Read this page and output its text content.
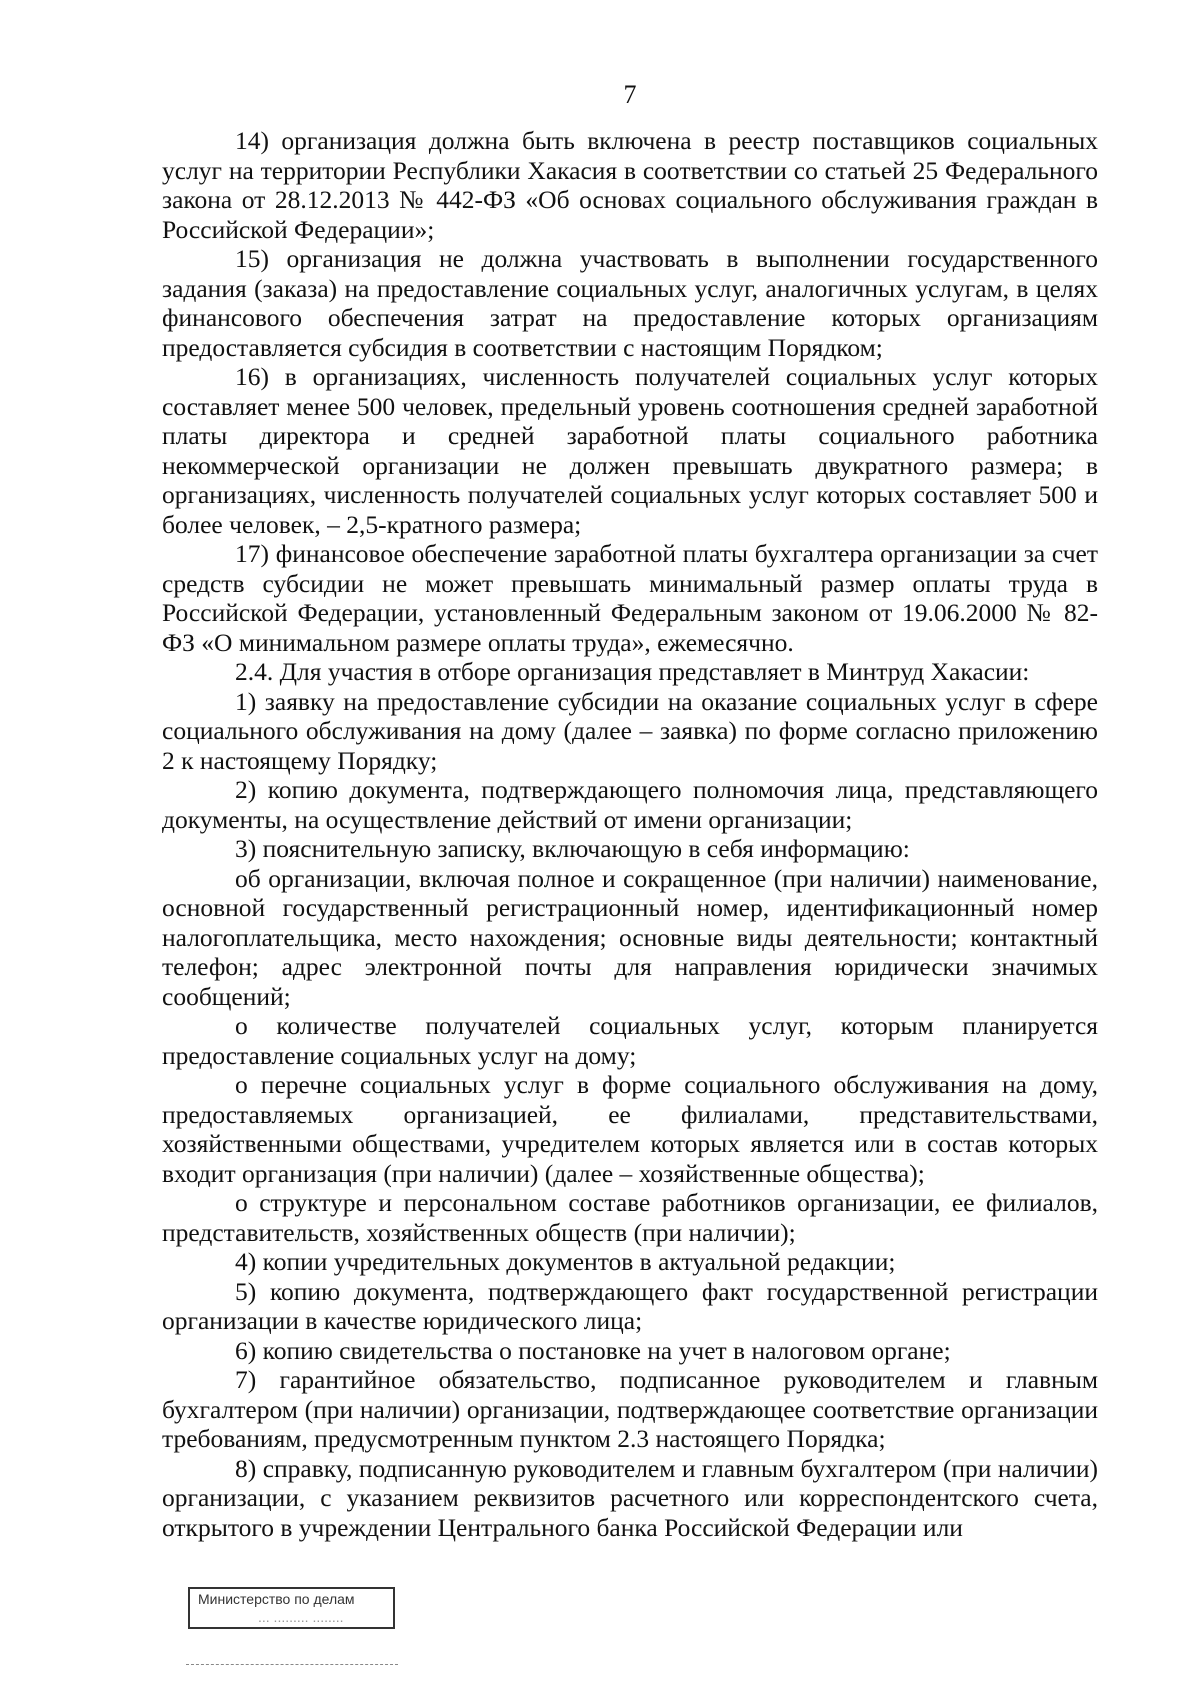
7

14) организация должна быть включена в реестр поставщиков социальных услуг на территории Республики Хакасия в соответствии со статьей 25 Федерального закона от 28.12.2013 № 442-ФЗ «Об основах социального обслуживания граждан в Российской Федерации»;

15) организация не должна участвовать в выполнении государственного задания (заказа) на предоставление социальных услуг, аналогичных услугам, в целях финансового обеспечения затрат на предоставление которых организациям предоставляется субсидия в соответствии с настоящим Порядком;

16) в организациях, численность получателей социальных услуг которых составляет менее 500 человек, предельный уровень соотношения средней заработной платы директора и средней заработной платы социального работника некоммерческой организации не должен превышать двукратного размера; в организациях, численность получателей социальных услуг которых составляет 500 и более человек, – 2,5-кратного размера;

17) финансовое обеспечение заработной платы бухгалтера организации за счет средств субсидии не может превышать минимальный размер оплаты труда в Российской Федерации, установленный Федеральным законом от 19.06.2000 № 82-ФЗ «О минимальном размере оплаты труда», ежемесячно.

2.4. Для участия в отборе организация представляет в Минтруд Хакасии:

1) заявку на предоставление субсидии на оказание социальных услуг в сфере социального обслуживания на дому (далее – заявка) по форме согласно приложению 2 к настоящему Порядку;

2) копию документа, подтверждающего полномочия лица, представляющего документы, на осуществление действий от имени организации;

3) пояснительную записку, включающую в себя информацию:

об организации, включая полное и сокращенное (при наличии) наименование, основной государственный регистрационный номер, идентификационный номер налогоплательщика, место нахождения; основные виды деятельности; контактный телефон; адрес электронной почты для направления юридически значимых сообщений;

о количестве получателей социальных услуг, которым планируется предоставление социальных услуг на дому;

о перечне социальных услуг в форме социального обслуживания на дому, предоставляемых организацией, ее филиалами, представительствами, хозяйственными обществами, учредителем которых является или в состав которых входит организация (при наличии) (далее – хозяйственные общества);

о структуре и персональном составе работников организации, ее филиалов, представительств, хозяйственных обществ (при наличии);

4) копии учредительных документов в актуальной редакции;

5) копию документа, подтверждающего факт государственной регистрации организации в качестве юридического лица;

6) копию свидетельства о постановке на учет в налоговом органе;

7) гарантийное обязательство, подписанное руководителем и главным бухгалтером (при наличии) организации, подтверждающее соответствие организации требованиям, предусмотренным пунктом 2.3 настоящего Порядка;

8) справку, подписанную руководителем и главным бухгалтером (при наличии) организации, с указанием реквизитов расчетного или корреспондентского счета, открытого в учреждении Центрального банка Российской Федерации или

Министерство по делам
... ......... ........
